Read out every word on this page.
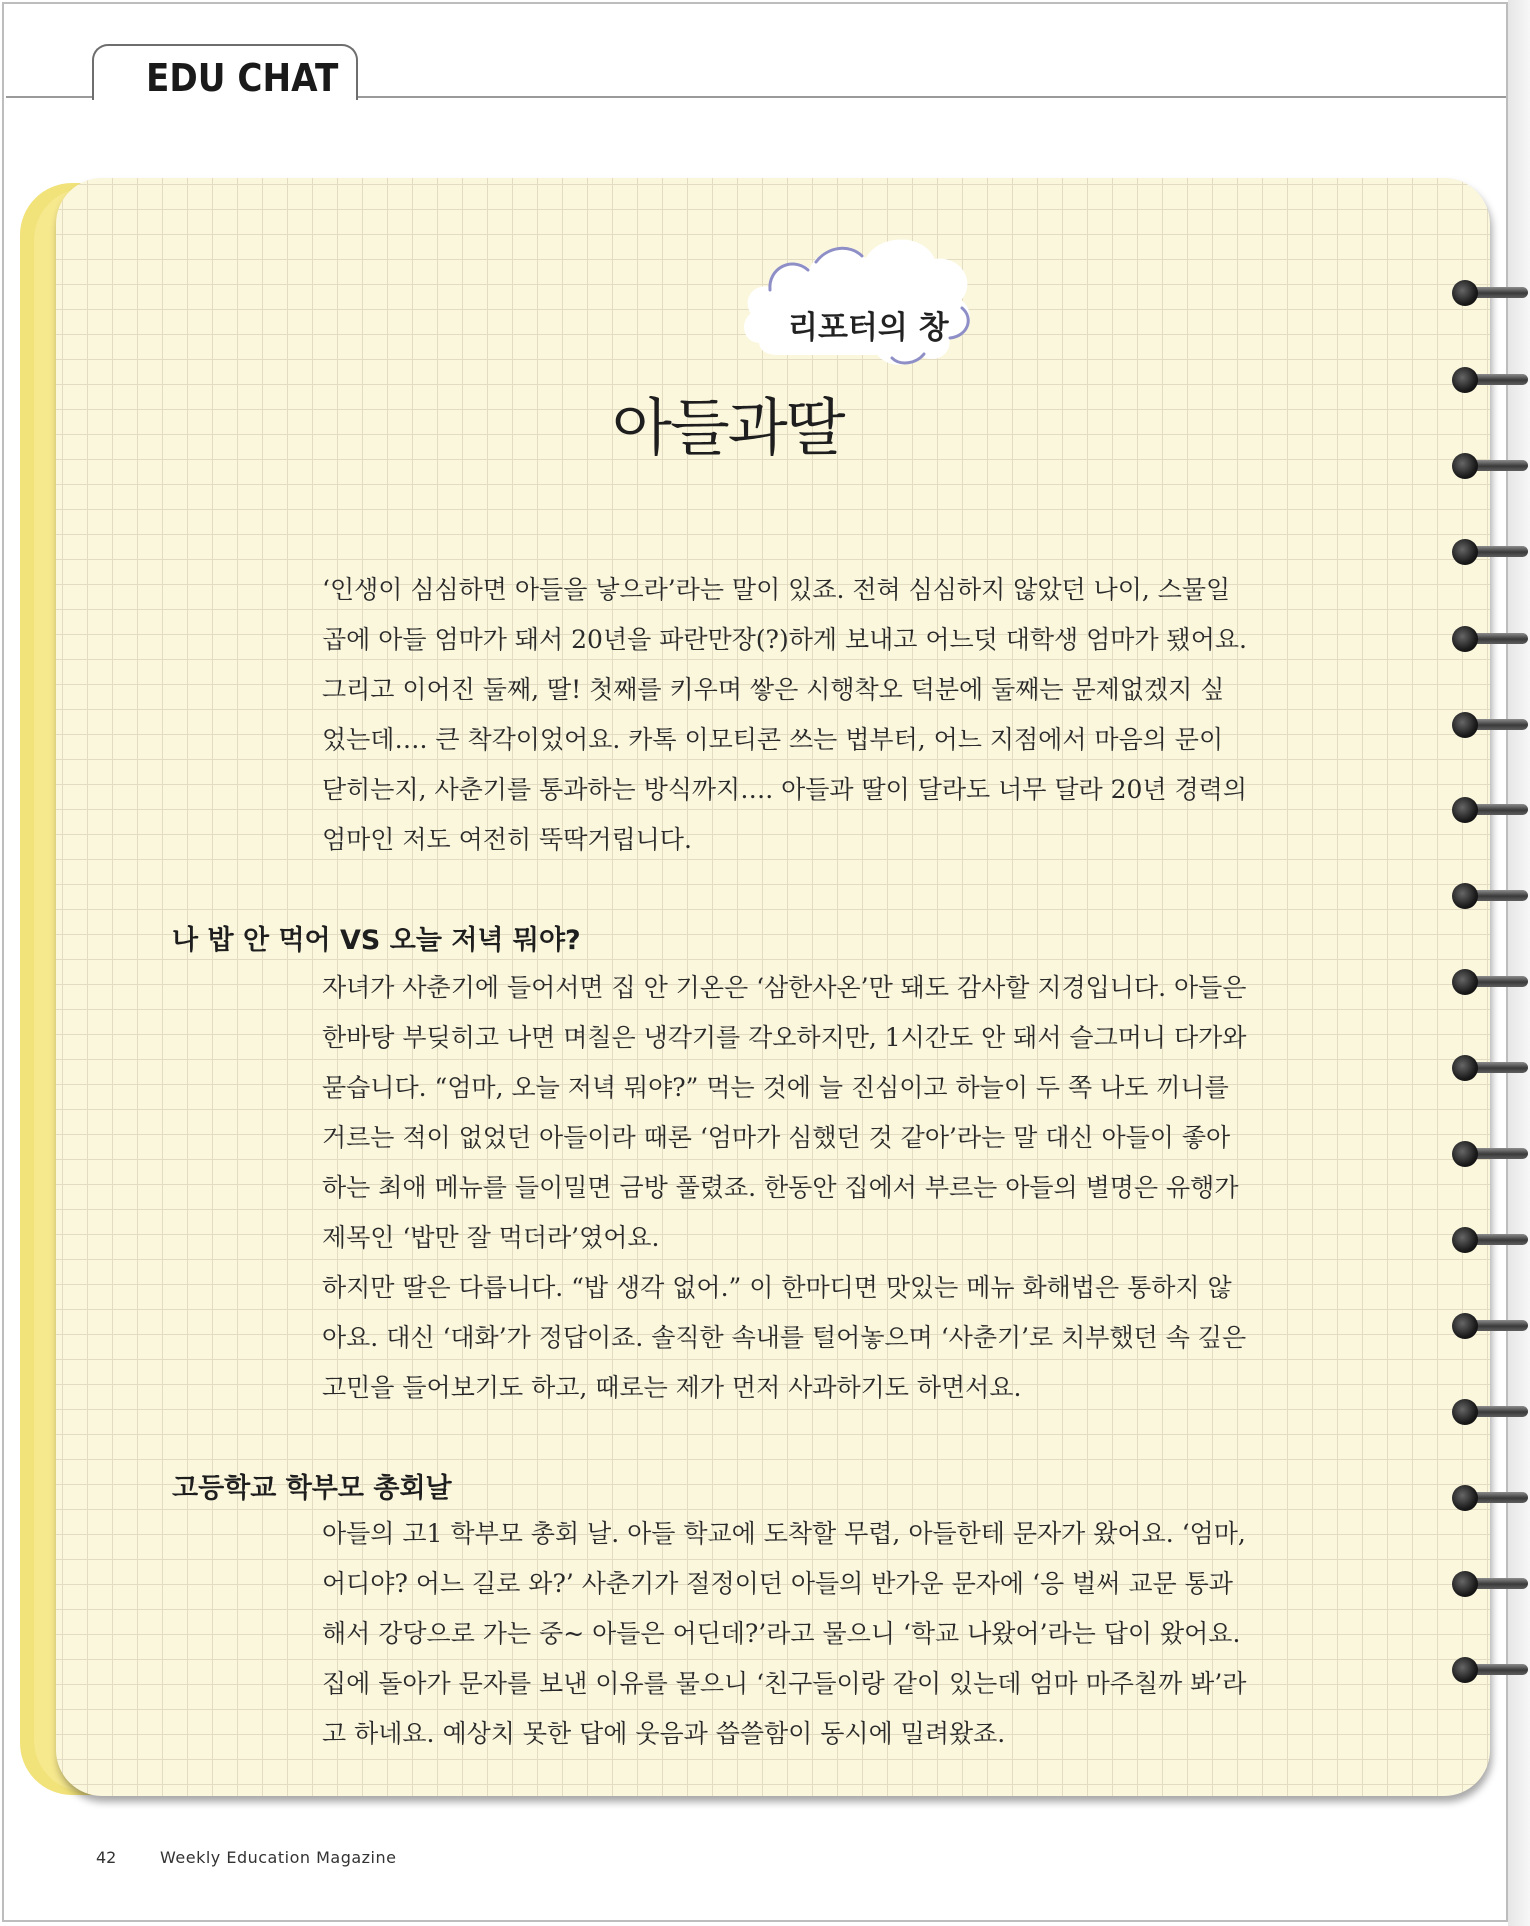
EDU CHAT
리포터의 창
아들과딸
‘인생이 심심하면 아들을 낳으라’라는 말이 있죠. 전혀 심심하지 않았던 나이, 스물일
곱에 아들 엄마가 돼서 20년을 파란만장(?)하게 보내고 어느덧 대학생 엄마가 됐어요.
그리고 이어진 둘째, 딸! 첫째를 키우며 쌓은 시행착오 덕분에 둘째는 문제없겠지 싶
었는데…. 큰 착각이었어요. 카톡 이모티콘 쓰는 법부터, 어느 지점에서 마음의 문이
닫히는지, 사춘기를 통과하는 방식까지…. 아들과 딸이 달라도 너무 달라 20년 경력의
엄마인 저도 여전히 뚝딱거립니다.
나 밥 안 먹어 VS 오늘 저녁 뭐야?
자녀가 사춘기에 들어서면 집 안 기온은 ‘삼한사온’만 돼도 감사할 지경입니다. 아들은
한바탕 부딪히고 나면 며칠은 냉각기를 각오하지만, 1시간도 안 돼서 슬그머니 다가와
묻습니다. “엄마, 오늘 저녁 뭐야?” 먹는 것에 늘 진심이고 하늘이 두 쪽 나도 끼니를
거르는 적이 없었던 아들이라 때론 ‘엄마가 심했던 것 같아’라는 말 대신 아들이 좋아
하는 최애 메뉴를 들이밀면 금방 풀렸죠. 한동안 집에서 부르는 아들의 별명은 유행가
제목인 ‘밥만 잘 먹더라’였어요.
하지만 딸은 다릅니다. “밥 생각 없어.” 이 한마디면 맛있는 메뉴 화해법은 통하지 않
아요. 대신 ‘대화’가 정답이죠. 솔직한 속내를 털어놓으며 ‘사춘기’로 치부했던 속 깊은
고민을 들어보기도 하고, 때로는 제가 먼저 사과하기도 하면서요.
고등학교 학부모 총회날
아들의 고1 학부모 총회 날. 아들 학교에 도착할 무렵, 아들한테 문자가 왔어요. ‘엄마,
어디야? 어느 길로 와?’ 사춘기가 절정이던 아들의 반가운 문자에 ‘응 벌써 교문 통과
해서 강당으로 가는 중~ 아들은 어딘데?’라고 물으니 ‘학교 나왔어’라는 답이 왔어요.
집에 돌아가 문자를 보낸 이유를 물으니 ‘친구들이랑 같이 있는데 엄마 마주칠까 봐’라
고 하네요. 예상치 못한 답에 웃음과 씁쓸함이 동시에 밀려왔죠.
42	Weekly Education Magazine
